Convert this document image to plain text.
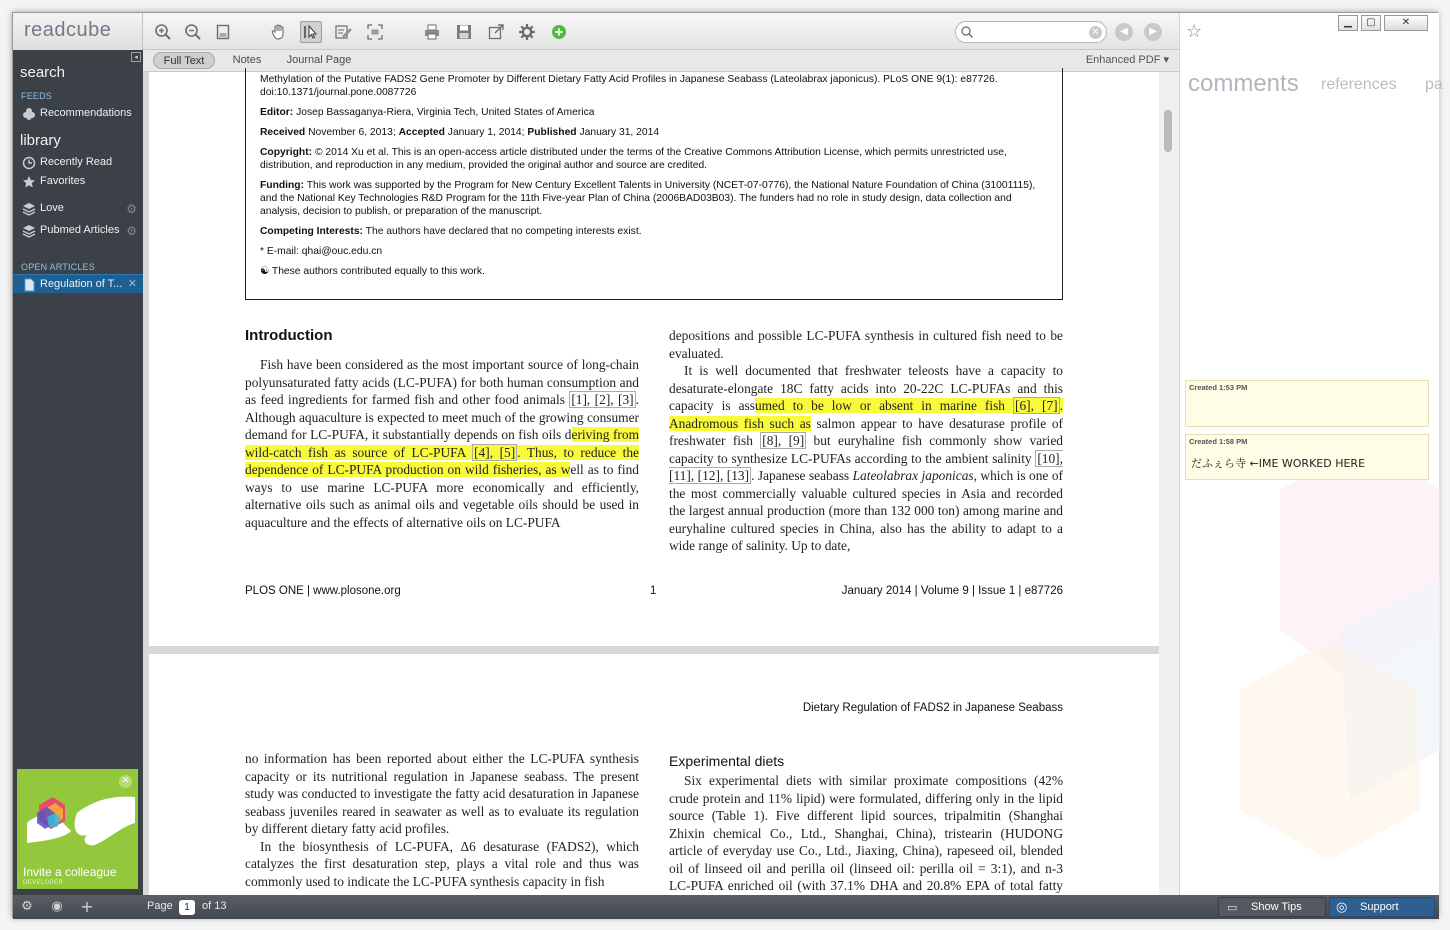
readcube	✕	◀	▶ ☆	▁	▢	✕
◂
search
FEEDS
Recommendations
library
Recently Read
Favorites
Love	⚙
Pubmed Articles ⚙
OPEN ARTICLES
Regulation of T... ✕
✕
Invite a colleague
DEVELOPER
Full Text	Notes	Journal Page	Enhanced PDF ▾

Methylation of the Putative FADS2 Gene Promoter by Different Dietary Fatty Acid Profiles in Japanese Seabass (Lateolabrax japonicus). PLoS ONE 9(1): e87726. doi:10.1371/journal.pone.0087726

Editor: Josep Bassaganya-Riera, Virginia Tech, United States of America

Received November 6, 2013; Accepted January 1, 2014; Published January 31, 2014

Copyright: © 2014 Xu et al. This is an open-access article distributed under the terms of the Creative Commons Attribution License, which permits unrestricted use, distribution, and reproduction in any medium, provided the original author and source are credited.

Funding: This work was supported by the Program for New Century Excellent Talents in University (NCET-07-0776), the National Nature Foundation of China (31001115), and the National Key Technologies R&D Program for the 11th Five-year Plan of China (2006BAD03B03). The funders had no role in study design, data collection and analysis, decision to publish, or preparation of the manuscript.

Competing Interests: The authors have declared that no competing interests exist.

* E-mail: qhai@ouc.edu.cn

☯ These authors contributed equally to this work.

Introduction

Fish have been considered as the most important source of long-chain polyunsaturated fatty acids (LC-PUFA) for both human consumption and as feed ingredients for farmed fish and other food animals [1], [2], [3] . Although aquaculture is expected to meet much of the growing consumer demand for LC-PUFA, it substantially depends on fish oils deriving from wild-catch fish as source of LC-PUFA [4], [5] . Thus, to reduce the dependence of LC-PUFA production on wild fisheries, as well as to find ways to use marine LC-PUFA more economically and efficiently, alternative oils such as animal oils and vegetable oils should be used in aquaculture and the effects of alternative oils on LC-PUFA

depositions and possible LC-PUFA synthesis in cultured fish need to be evaluated.

It is well documented that freshwater teleosts have a capacity to desaturate-elongate 18C fatty acids into 20-22C LC-PUFAs and this capacity is assumed to be low or absent in marine fish [6], [7] . Anadromous fish such as salmon appear to have desaturase profile of freshwater fish [8], [9] but euryhaline fish commonly show varied capacity to synthesize LC-PUFAs according to the ambient salinity [10], [11], [12], [13] . Japanese seabass Lateolabrax japonicas, which is one of the most commercially valuable cultured species in Asia and recorded the largest annual production (more than 132 000 ton) among marine and euryhaline cultured species in China, also has the ability to adapt to a wide range of salinity. Up to date,

PLOS ONE | www.plosone.org	1	January 2014 | Volume 9 | Issue 1 | e87726
Dietary Regulation of FADS2 in Japanese Seabass

no information has been reported about either the LC-PUFA synthesis capacity or its nutritional regulation in Japanese seabass. The present study was conducted to investigate the fatty acid desaturation in Japanese seabass juveniles reared in seawater as well as to evaluate its regulation by different dietary fatty acid profiles.

In the biosynthesis of LC-PUFA, Δ6 desaturase (FADS2), which catalyzes the first desaturation step, plays a vital role and thus was commonly used to indicate the LC-PUFA synthesis capacity in fish

Experimental diets

Six experimental diets with similar proximate compositions (42% crude protein and 11% lipid) were formulated, differing only in the lipid source (Table 1). Five different lipid sources, tripalmitin (Shanghai Zhixin chemical Co., Ltd., Shanghai, China), tristearin (HUDONG article of everyday use Co., Ltd., Jiaxing, China), rapeseed oil, blended oil of linseed oil and perilla oil (linseed oil: perilla oil = 3:1), and n-3 LC-PUFA enriched oil (with 37.1% DHA and 20.8% EPA of total fatty

comments references pa
Created 1:53 PM
Created 1:58 PM
だふぇら寺 ←IME WORKED HERE
⚙ ◉ +	Page	1	of 13	▭ Show Tips	◎ Support
